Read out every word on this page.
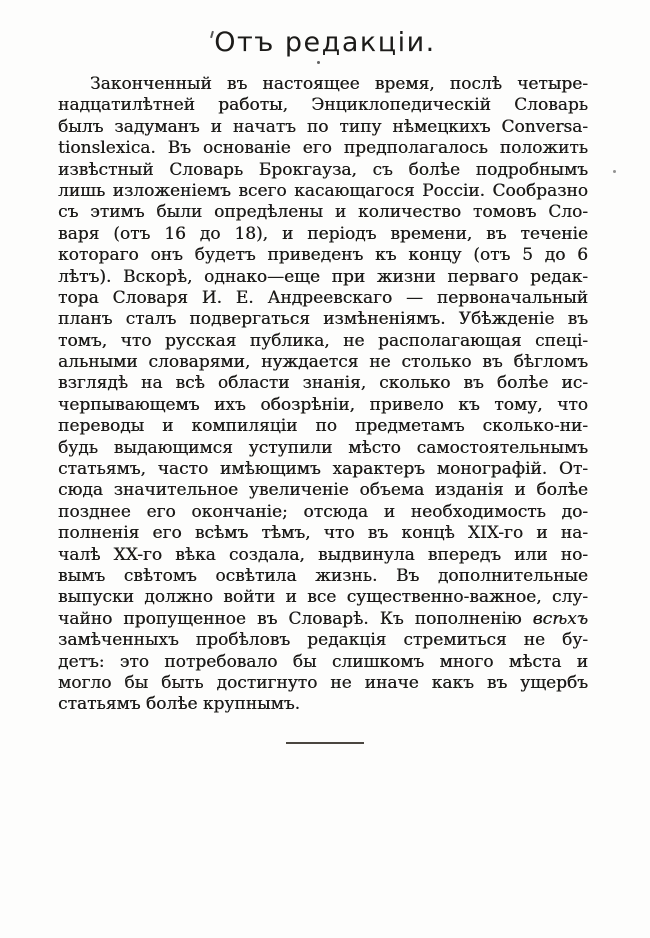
Отъ редакціи.
Законченный въ настоящее время, послѣ четыре-
надцатилѣтней работы, Энциклопедическій Словарь
былъ задуманъ и начатъ по типу нѣмецкихъ Conversa-
tionslexica. Въ основаніе его предполагалось положить
извѣстный Словарь Брокгауза, съ болѣе подробнымъ
лишь изложеніемъ всего касающагося Россіи. Сообразно
съ этимъ были опредѣлены и количество томовъ Сло-
варя (отъ 16 до 18), и періодъ времени, въ теченіе
котораго онъ будетъ приведенъ къ концу (отъ 5 до 6
лѣтъ). Вскорѣ, однако—еще при жизни перваго редак-
тора Словаря И. Е. Андреевскаго — первоначальный
планъ сталъ подвергаться измѣненіямъ. Убѣжденіе въ
томъ, что русская публика, не располагающая спеці-
альными словарями, нуждается не столько въ бѣгломъ
взглядѣ на всѣ области знанія, сколько въ болѣе ис-
черпывающемъ ихъ обозрѣніи, привело къ тому, что
переводы и компиляціи по предметамъ сколько-ни-
будь выдающимся уступили мѣсто самостоятельнымъ
статьямъ, часто имѣющимъ характеръ монографій. От-
сюда значительное увеличеніе объема изданія и болѣе
позднее его окончаніе; отсюда и необходимость до-
полненія его всѣмъ тѣмъ, что въ концѣ XIX-го и на-
чалѣ XX-го вѣка создала, выдвинула впередъ или но-
вымъ свѣтомъ освѣтила жизнь. Въ дополнительные
выпуски должно войти и все существенно-важное, слу-
чайно пропущенное въ Словарѣ. Къ пополненію всѣхъ
замѣченныхъ пробѣловъ редакція стремиться не бу-
детъ: это потребовало бы слишкомъ много мѣста и
могло бы быть достигнуто не иначе какъ въ ущербъ
статьямъ болѣе крупнымъ.
